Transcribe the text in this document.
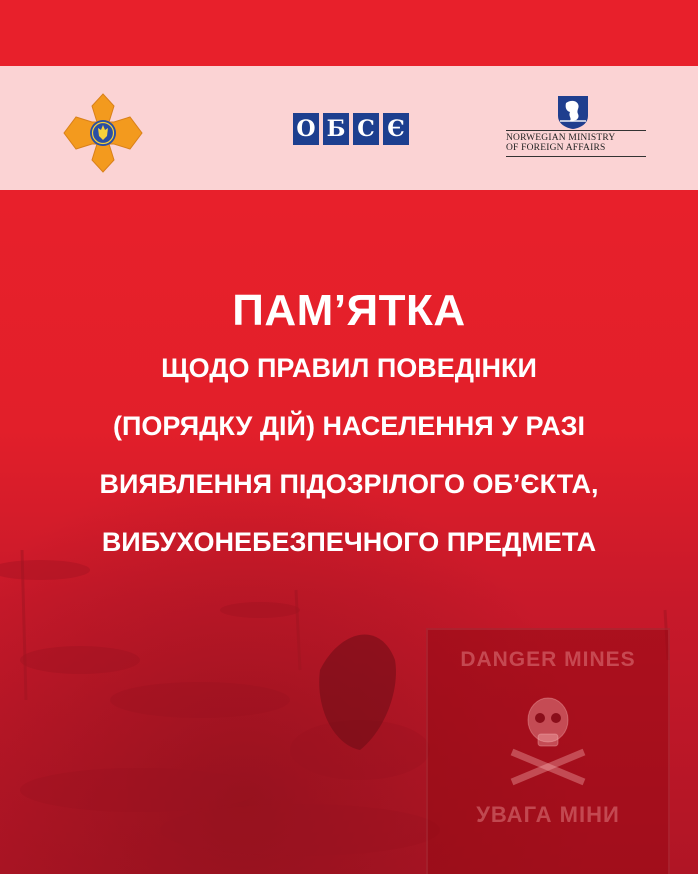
О Б С Є	NORWEGIAN MINISTRY
OF FOREIGN AFFAIRS
DANGER MINES
УВАГА МІНИ
ПАМ’ЯТКА

ЩОДО ПРАВИЛ ПОВЕДІНКИ

(ПОРЯДКУ ДІЙ) НАСЕЛЕННЯ У РАЗІ

ВИЯВЛЕННЯ ПІДОЗРІЛОГО ОБ’ЄКТА,

ВИБУХОНЕБЕЗПЕЧНОГО ПРЕДМЕТА
